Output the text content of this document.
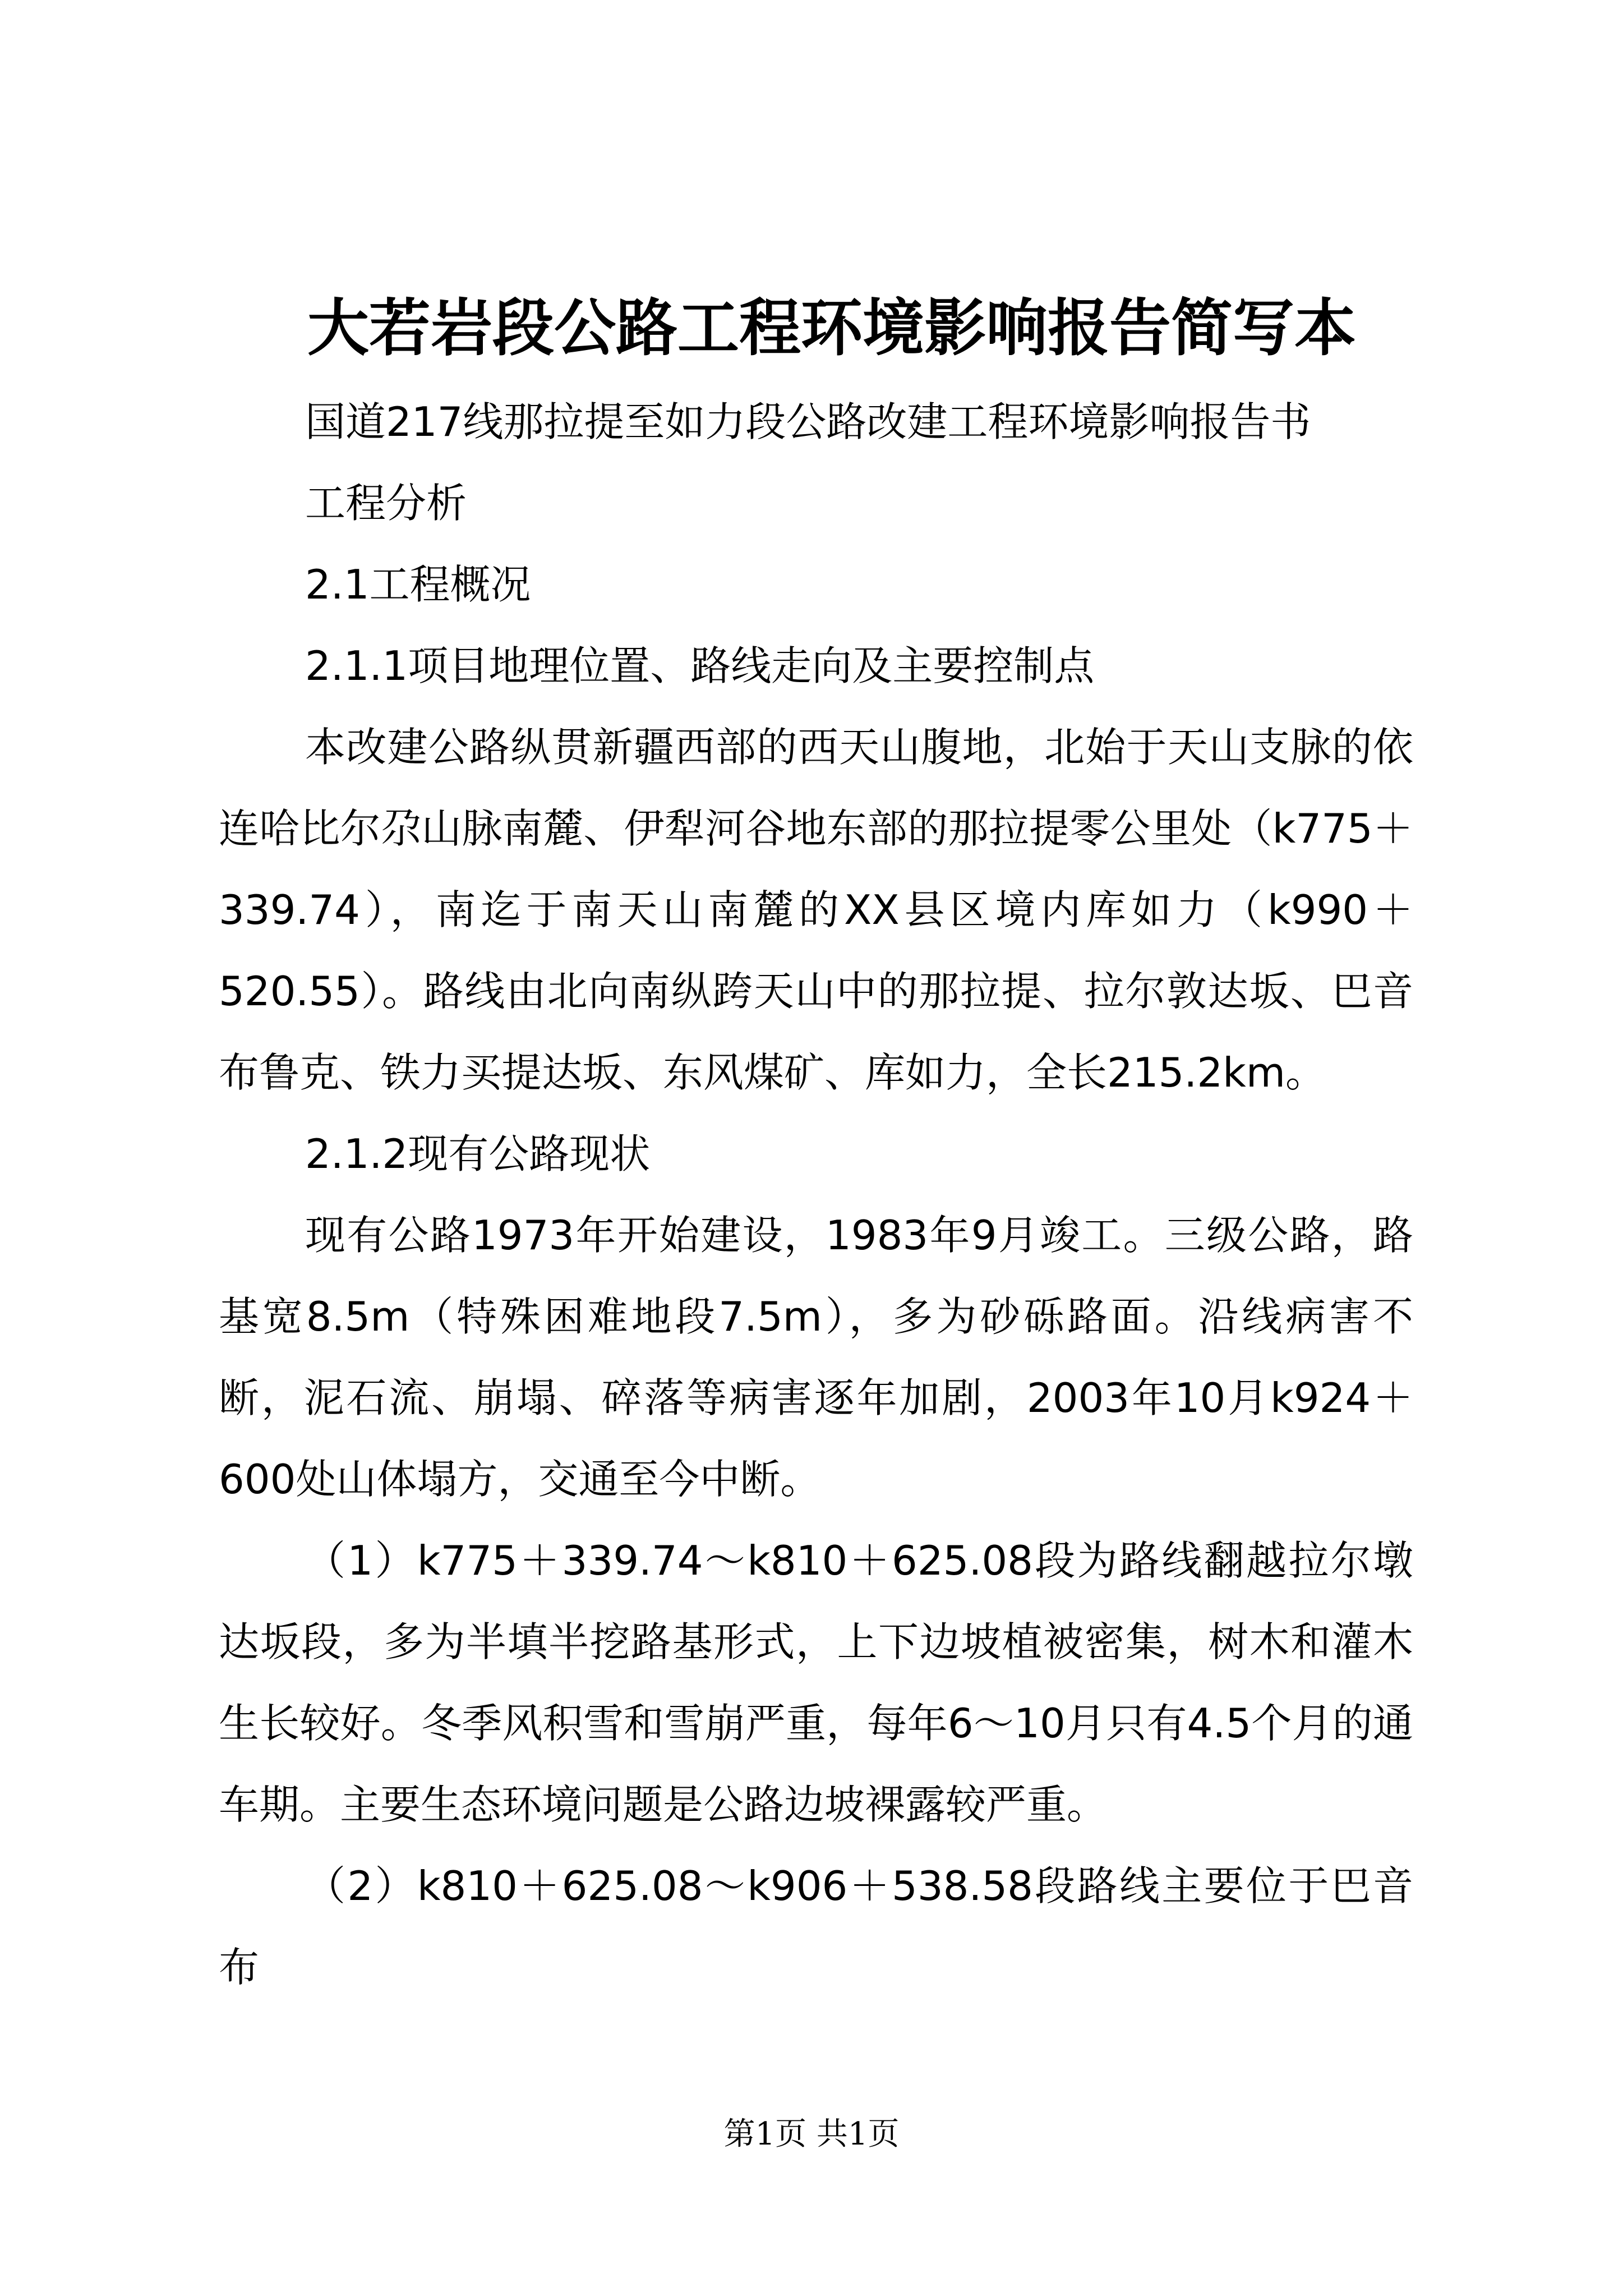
大若岩段公路工程环境影响报告简写本

国道217线那拉提至如力段公路改建工程环境影响报告书

工程分析

2.1工程概况

2.1.1项目地理位置、路线走向及主要控制点

本改建公路纵贯新疆西部的西天山腹地，北始于天山支脉的依连哈比尔尕山脉南麓、伊犁河谷地东部的那拉提零公里处（k775＋339.74），南迄于南天山南麓的XX县区境内库如力（k990＋520.55）。路线由北向南纵跨天山中的那拉提、拉尔敦达坂、巴音布鲁克、铁力买提达坂、东风煤矿、库如力，全长215.2km。

2.1.2现有公路现状

现有公路1973年开始建设，1983年9月竣工。三级公路，路基宽8.5m（特殊困难地段7.5m），多为砂砾路面。沿线病害不断，泥石流、崩塌、碎落等病害逐年加剧，2003年10月k924＋600处山体塌方，交通至今中断。

（1）k775＋339.74～k810＋625.08段为路线翻越拉尔墩达坂段，多为半填半挖路基形式，上下边坡植被密集，树木和灌木生长较好。冬季风积雪和雪崩严重，每年6～10月只有4.5个月的通车期。主要生态环境问题是公路边坡裸露较严重。

（2）k810＋625.08～k906＋538.58段路线主要位于巴音布

第1页 共1页
